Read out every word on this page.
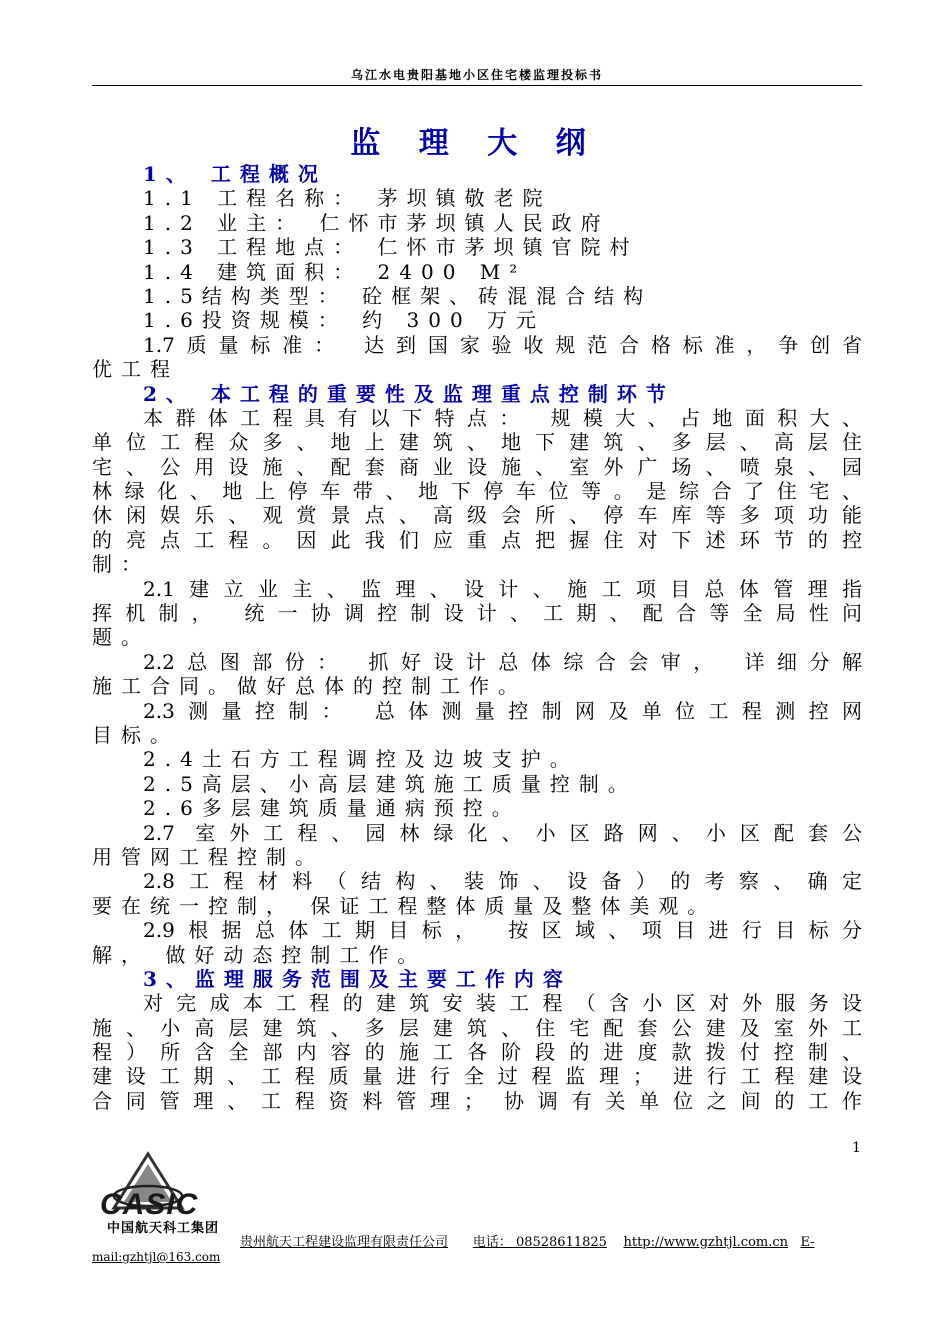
乌江水电贵阳基地小区住宅楼监理投标书
监 理 大 纲
1、 工程概况
1.1 工程名称： 茅坝镇敬老院
1.2 业主： 仁怀市茅坝镇人民政府
1.3 工程地点： 仁怀市茅坝镇官院村
1.4 建筑面积： 2400 M²
1.5结构类型： 砼框架、砖混混合结构
1.6投资规模： 约 300 万元
1.7质量标准： 达到国家验收规范合格标准，争创省
优工程
2、 本工程的重要性及监理重点控制环节
本群体工程具有以下特点： 规模大、占地面积大、
单位工程众多、地上建筑、地下建筑、多层、高层住
宅、公用设施、配套商业设施、室外广场、喷泉、园
林绿化、地上停车带、地下停车位等。是综合了住宅、
休闲娱乐、观赏景点、高级会所、停车库等多项功能
的亮点工程。因此我们应重点把握住对下述环节的控
制：
2.1建立业主、监理、设计、施工项目总体管理指
挥机制， 统一协调控制设计、工期、配合等全局性问
题。
2.2总图部份： 抓好设计总体综合会审， 详细分解
施工合同。做好总体的控制工作。
2.3测量控制： 总体测量控制网及单位工程测控网
目标。
2.4土石方工程调控及边坡支护。
2.5高层、小高层建筑施工质量控制。
2.6多层建筑质量通病预控。
2.7 室外工程、园林绿化、小区路网、小区配套公
用管网工程控制。
2.8工程材料（结构、装饰、设备）的考察、确定
要在统一控制， 保证工程整体质量及整体美观。
2.9根据总体工期目标， 按区域、项目进行目标分
解， 做好动态控制工作。
3、监理服务范围及主要工作内容
对完成本工程的建筑安装工程（含小区对外服务设
施、小高层建筑、多层建筑、住宅配套公建及室外工
程）所含全部内容的施工各阶段的进度款拨付控制、
建设工期、工程质量进行全过程监理； 进行工程建设
合同管理、工程资料管理； 协调有关单位之间的工作
1
CASIC
中国航天科工集团
贵州航天工程建设监理有限责任公司 电话： 08528611825 http://www.gzhtjl.com.cn E-
mail:gzhtjl@163.com
